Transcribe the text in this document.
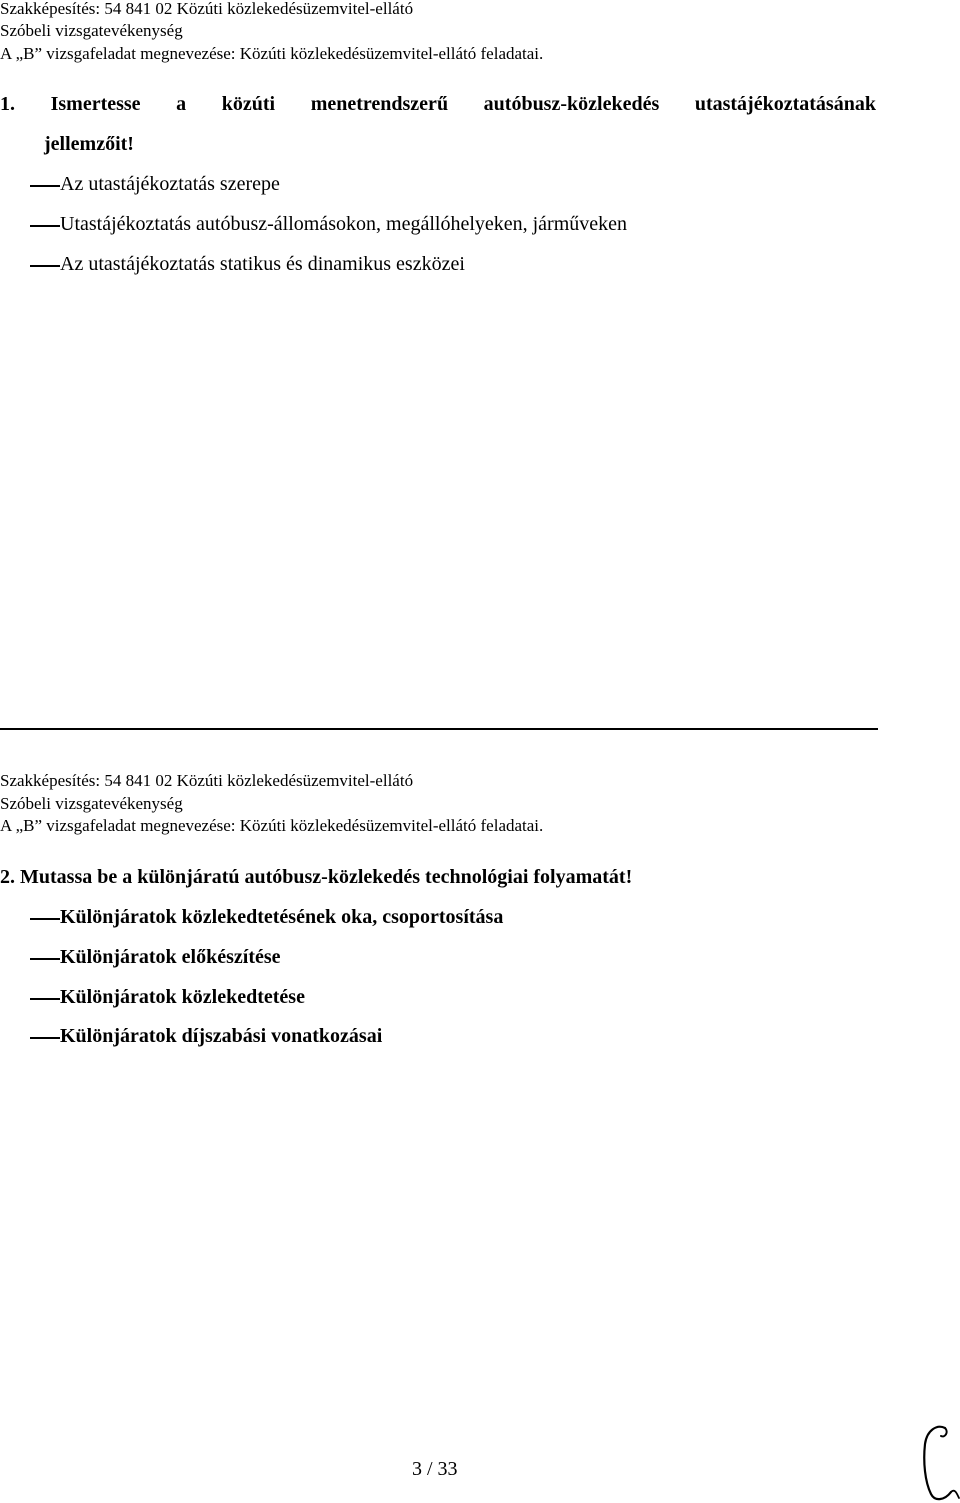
Szakképesítés: 54 841 02 Közúti közlekedésüzemvitel-ellátó
Szóbeli vizsgatevékenység
A „B” vizsgafeladat megnevezése: Közúti közlekedésüzemvitel-ellátó feladatai.
1. Ismertesse a közúti menetrendszerű autóbusz-közlekedés utastájékoztatásának
jellemzőit!
Az utastájékoztatás szerepe
Utastájékoztatás autóbusz-állomásokon, megállóhelyeken, járműveken
Az utastájékoztatás statikus és dinamikus eszközei
Szakképesítés: 54 841 02 Közúti közlekedésüzemvitel-ellátó
Szóbeli vizsgatevékenység
A „B” vizsgafeladat megnevezése: Közúti közlekedésüzemvitel-ellátó feladatai.
2. Mutassa be a különjáratú autóbusz-közlekedés technológiai folyamatát!
Különjáratok közlekedtetésének oka, csoportosítása
Különjáratok előkészítése
Különjáratok közlekedtetése
Különjáratok díjszabási vonatkozásai
3 / 33
